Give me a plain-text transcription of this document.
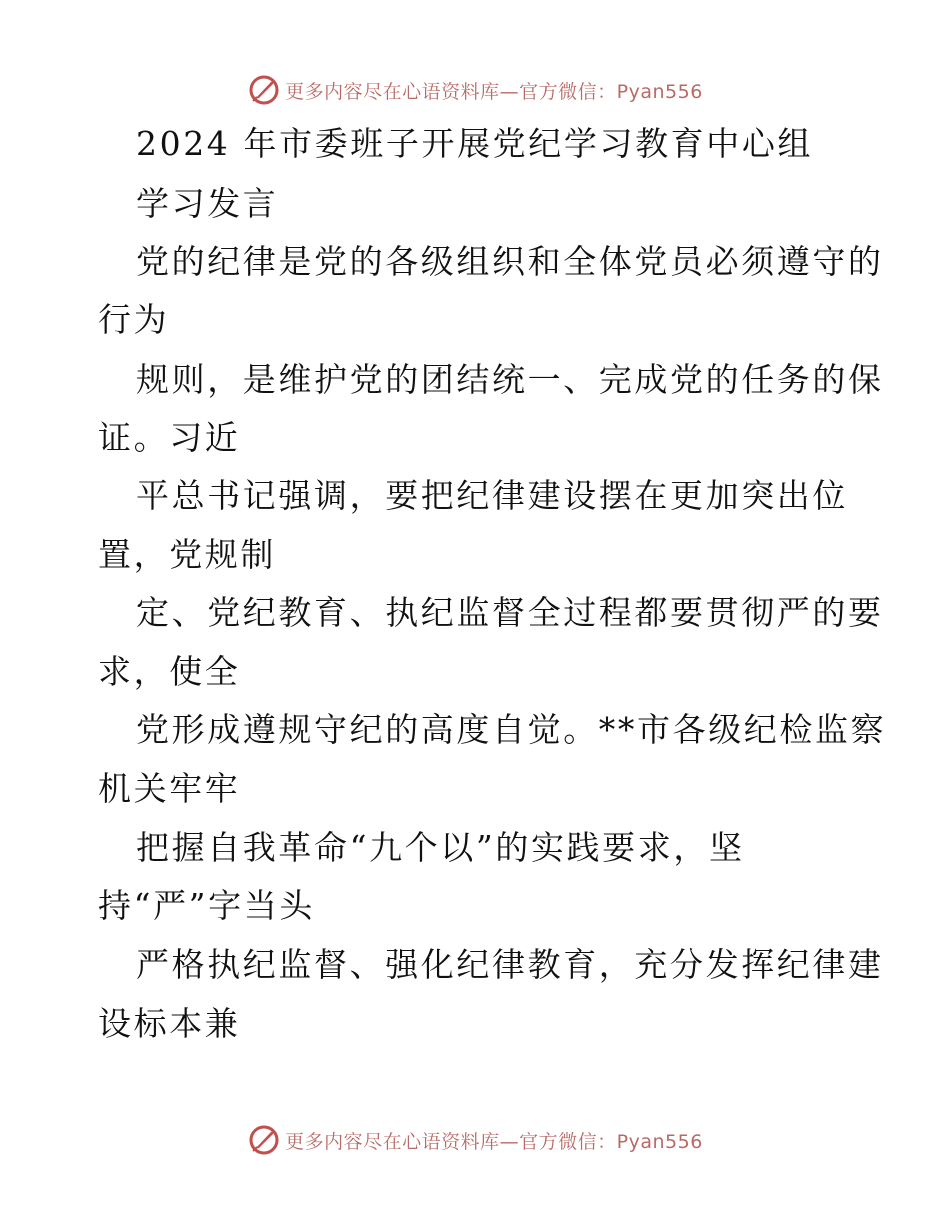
更多内容尽在心语资料库—官方微信：Pyan556
2024 年市委班子开展党纪学习教育中心组
学习发言
党的纪律是党的各级组织和全体党员必须遵守的
行为
规则，是维护党的团结统一、完成党的任务的保
证。习近
平总书记强调，要把纪律建设摆在更加突出位
置，党规制
定、党纪教育、执纪监督全过程都要贯彻严的要
求，使全
党形成遵规守纪的高度自觉。**市各级纪检监察
机关牢牢
把握自我革命“九个以”的实践要求，坚
持“严”字当头
严格执纪监督、强化纪律教育，充分发挥纪律建
设标本兼
更多内容尽在心语资料库—官方微信：Pyan556
